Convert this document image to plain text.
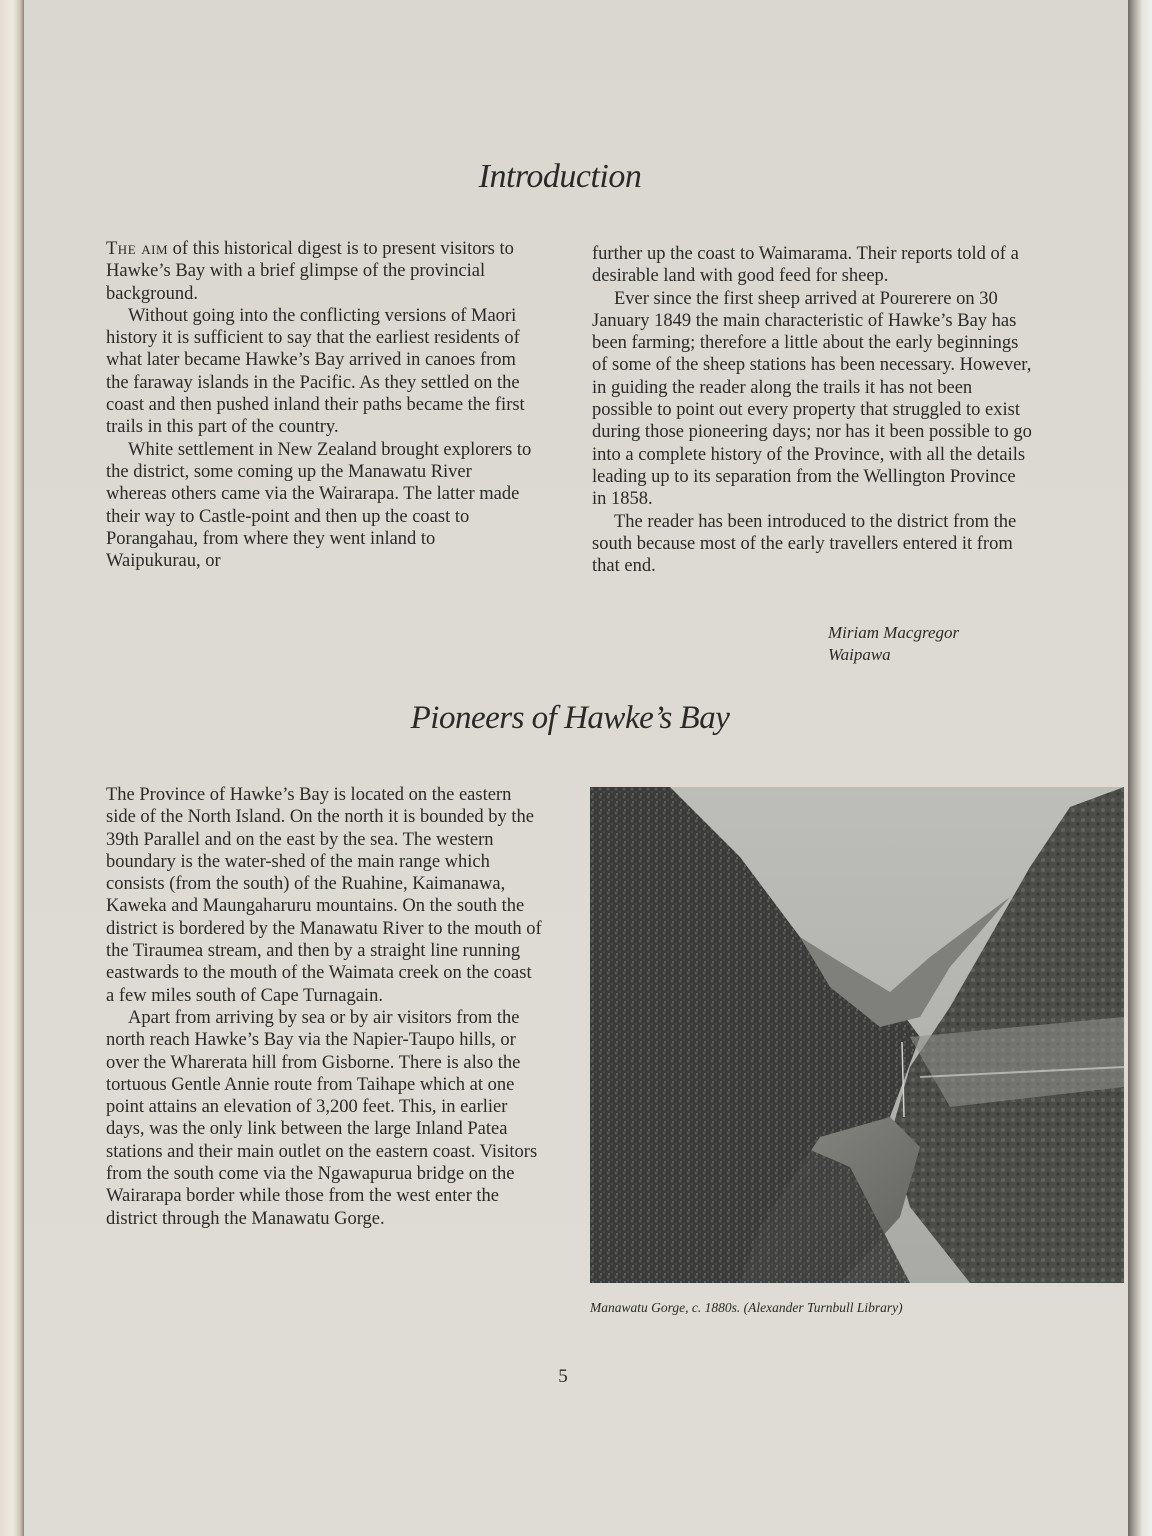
Introduction

The aim of this historical digest is to present visitors to Hawke’s Bay with a brief glimpse of the provincial background.

Without going into the conflicting versions of Maori history it is sufficient to say that the earliest residents of what later became Hawke’s Bay arrived in canoes from the faraway islands in the Pacific. As they settled on the coast and then pushed inland their paths became the first trails in this part of the country.

White settlement in New Zealand brought explorers to the district, some coming up the Manawatu River whereas others came via the Wairarapa. The latter made their way to Castle-point and then up the coast to Porangahau, from where they went inland to Waipukurau, or

further up the coast to Waimarama. Their reports told of a desirable land with good feed for sheep.

Ever since the first sheep arrived at Pourerere on 30 January 1849 the main characteristic of Hawke’s Bay has been farming; therefore a little about the early beginnings of some of the sheep stations has been necessary. However, in guiding the reader along the trails it has not been possible to point out every property that struggled to exist during those pioneering days; nor has it been possible to go into a complete history of the Province, with all the details leading up to its separation from the Wellington Province in 1858.

The reader has been introduced to the district from the south because most of the early travellers entered it from that end.

Miriam Macgregor
Waipawa
Pioneers of Hawke’s Bay

The Province of Hawke’s Bay is located on the eastern side of the North Island. On the north it is bounded by the 39th Parallel and on the east by the sea. The western boundary is the water-shed of the main range which consists (from the south) of the Ruahine, Kaimanawa, Kaweka and Maungaharuru mountains. On the south the district is bordered by the Manawatu River to the mouth of the Tiraumea stream, and then by a straight line running eastwards to the mouth of the Waimata creek on the coast a few miles south of Cape Turnagain.

Apart from arriving by sea or by air visitors from the north reach Hawke’s Bay via the Napier-Taupo hills, or over the Wharerata hill from Gisborne. There is also the tortuous Gentle Annie route from Taihape which at one point attains an elevation of 3,200 feet. This, in earlier days, was the only link between the large Inland Patea stations and their main outlet on the eastern coast. Visitors from the south come via the Ngawapurua bridge on the Wairarapa border while those from the west enter the district through the Manawatu Gorge.

Manawatu Gorge, c. 1880s. (Alexander Turnbull Library)
5
